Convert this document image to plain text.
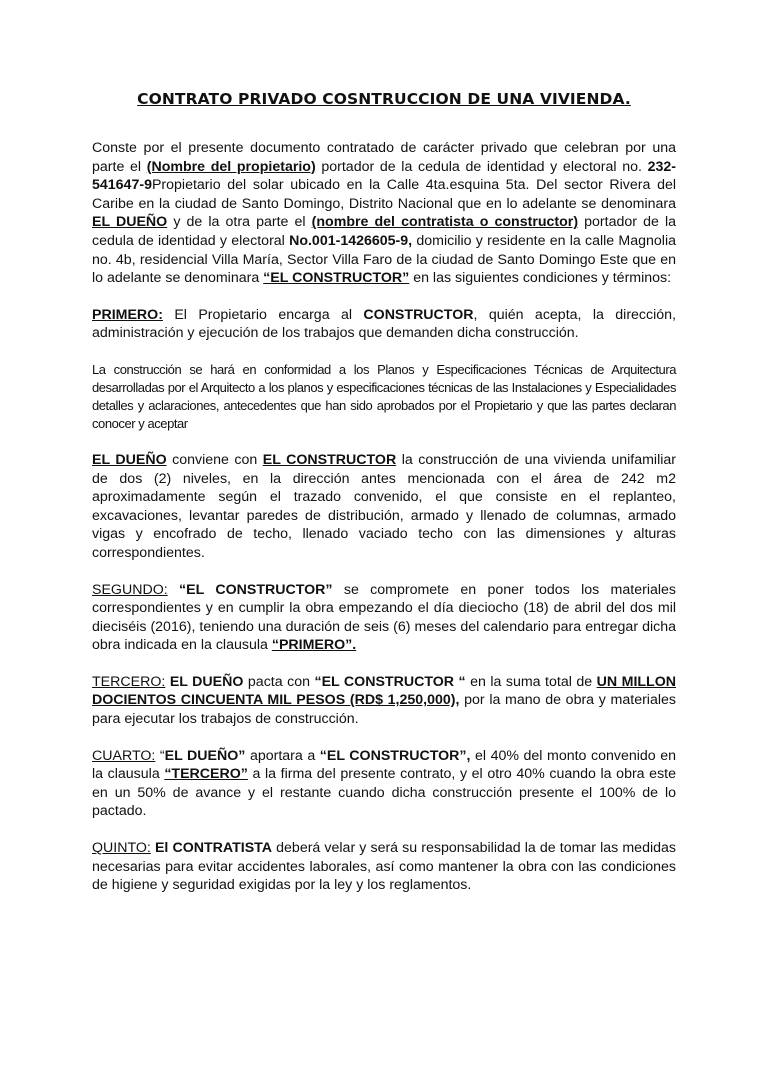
CONTRATO PRIVADO COSNTRUCCION DE UNA VIVIENDA.

Conste por el presente documento contratado de carácter privado que celebran por una parte el (Nombre del propietario) portador de la cedula de identidad y electoral no. 232-541647-9Propietario del solar ubicado en la Calle 4ta.esquina 5ta. Del sector Rivera del Caribe en la ciudad de Santo Domingo, Distrito Nacional que en lo adelante se denominara EL DUEÑO y de la otra parte el (nombre del contratista o constructor) portador de la cedula de identidad y electoral No.001-1426605-9, domicilio y residente en la calle Magnolia no. 4b, residencial Villa María, Sector Villa Faro de la ciudad de Santo Domingo Este que en lo adelante se denominara “EL CONSTRUCTOR” en las siguientes condiciones y términos:

PRIMERO: El Propietario encarga al CONSTRUCTOR, quién acepta, la dirección, administración y ejecución de los trabajos que demanden dicha construcción.

La construcción se hará en conformidad a los Planos y Especificaciones Técnicas de Arquitectura desarrolladas por el Arquitecto a los planos y especificaciones técnicas de las Instalaciones y Especialidades detalles y aclaraciones, antecedentes que han sido aprobados por el Propietario y que las partes declaran conocer y aceptar

EL DUEÑO conviene con EL CONSTRUCTOR la construcción de una vivienda unifamiliar de dos (2) niveles, en la dirección antes mencionada con el área de 242 m2 aproximadamente según el trazado convenido, el que consiste en el replanteo, excavaciones, levantar paredes de distribución, armado y llenado de columnas, armado vigas y encofrado de techo, llenado vaciado techo con las dimensiones y alturas correspondientes.

SEGUNDO: “EL CONSTRUCTOR” se compromete en poner todos los materiales correspondientes y en cumplir la obra empezando el día dieciocho (18) de abril del dos mil dieciséis (2016), teniendo una duración de seis (6) meses del calendario para entregar dicha obra indicada en la clausula “PRIMERO”.

TERCERO: EL DUEÑO pacta con “EL CONSTRUCTOR “ en la suma total de UN MILLON DOCIENTOS CINCUENTA MIL PESOS (RD$ 1,250,000), por la mano de obra y materiales para ejecutar los trabajos de construcción.

CUARTO: “EL DUEÑO” aportara a “EL CONSTRUCTOR”, el 40% del monto convenido en la clausula “TERCERO” a la firma del presente contrato, y el otro 40% cuando la obra este en un 50% de avance y el restante cuando dicha construcción presente el 100% de lo pactado.

QUINTO: El CONTRATISTA deberá velar y será su responsabilidad la de tomar las medidas necesarias para evitar accidentes laborales, así como mantener la obra con las condiciones de higiene y seguridad exigidas por la ley y los reglamentos.
